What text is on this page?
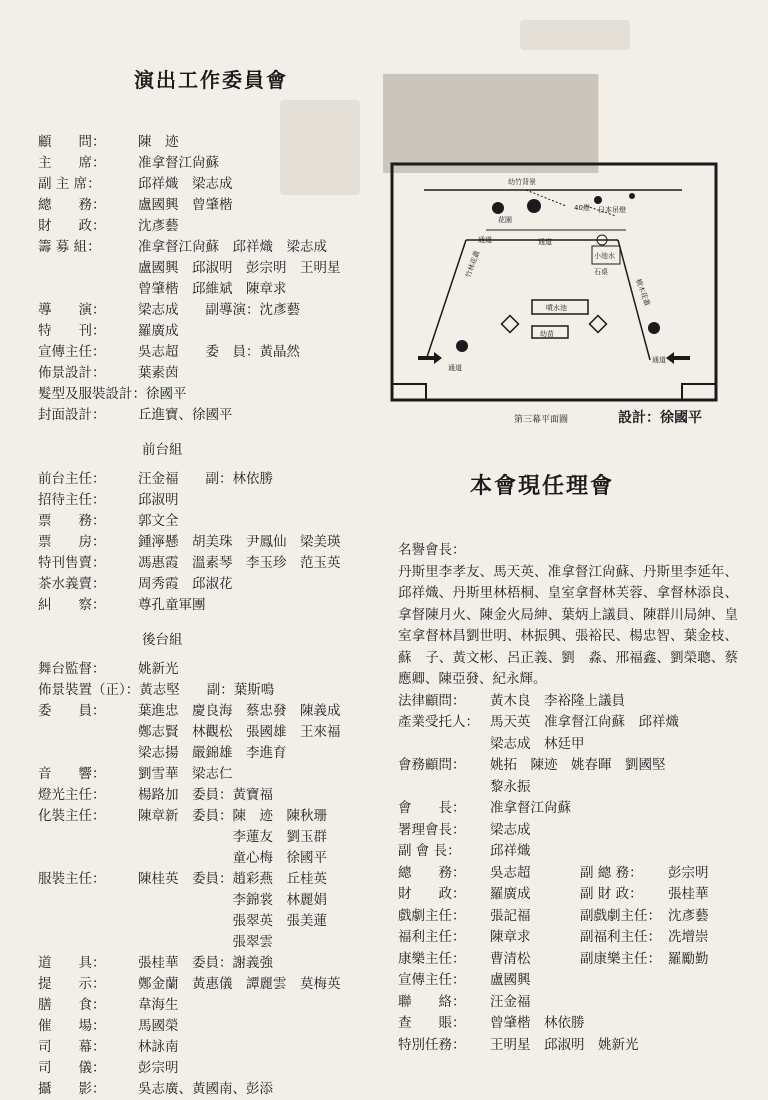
▇▇▇
演出工作委員會
顧　　問：	陳　迹
主　　席：	准拿督江尙蘇
副 主 席：	邱祥熾　梁志成
總　　務：	盧國興　曾肇楷
財　　政：	沈彥藝
籌 募 組：	准拿督江尙蘇　邱祥熾　梁志成
盧國興　邱淑明　彭宗明　王明星
曾肇楷　邱維斌　陳章求
導　　演：	梁志成　　副導演：沈彥藝
特　　刊：	羅廣成
宣傳主任：	吳志超　　委　員：黃晶然
佈景設計：	葉素茵
髮型及服裝設計： 徐國平
封面設計：	丘進寶、徐國平
前台組
前台主任：	汪金福　　副：林依勝
招待主任：	邱淑明
票　　務：	郭文全
票　　房：	鍾濘懸　胡美珠　尹鳳仙　梁美瑛
特刊售賣：	馮惠霞　溫素琴　李玉珍　范玉英
茶水義賣：	周秀霞　邱淑花
糾　　察：	尊孔童軍團
後台組
舞台監督：	姚新光
佈景裝置（正）： 黃志堅　　副：葉斯鳴
委　　員：	葉進忠　慶良海　蔡忠發　陳義成
鄭志賢　林觀松　張國雄　王來福
梁志揚　嚴錦雄　李進育
音　　響：	劉雪華　梁志仁
燈光主任：	楊路加　委員：黃寶福
化裝主任：	陳章新　委員：陳　迹　陳秋珊
　　　　　　　李蓮友　劉玉群
　　　　　　　童心梅　徐國平
服裝主任：	陳桂英　委員：趙彩燕　丘桂英
　　　　　　　李錦裳　林麗娟
　　　　　　　張翠英　張美蓮
　　　　　　　張翠雲
道　　具：	張桂華　委員：謝義強
提　　示：	鄭金蘭　黃惠儀　譚麗雲　莫梅英
膳　　食：	韋海生
催　　場：	馬國榮
司　　幕：	林詠南
司　　儀：	彭宗明
攝　　影：	吳志廣、黃國南、彭添
幼竹背景
花園
通道
40燈 日本吊燈
小池水
石桌
噴水池
幼苗
通道
通道
通道
樹木花叢
竹林花叢
第三幕平面圖	設計：徐國平
本會現任理會
名譽會長：
丹斯里李孝友、馬天英、准拿督江尙蘇、丹斯里李延年、邱祥熾、丹斯里林梧桐、皇室拿督林芙蓉、拿督林添良、拿督陳月火、陳金火局紳、葉炳上議員、陳群川局紳、皇室拿督林昌劉世明、林振興、張裕民、楊忠智、葉金枝、蘇　子、黃文彬、呂正義、劉　淼、邢福鑫、劉榮聰、蔡應卿、陳亞發、紀永輝。
法律顧問：	黃木良　李裕隆上議員
產業受托人： 馬天英　准拿督江尙蘇　邱祥熾
梁志成　林廷甲
會務顧問：	姚拓　陳迹　姚春暉　劉國堅
黎永振
會　　長：	准拿督江尙蘇
署理會長：	梁志成
副 會 長：	邱祥熾
總　　務： 吳志超	副 總 務： 彭宗明
財　　政： 羅廣成	副 財 政： 張桂華
戲劇主任： 張記福	副戲劇主任： 沈彥藝
福利主任： 陳章求	副福利主任： 冼增崇
康樂主任： 曹清松	副康樂主任： 羅勵勤
宣傳主任： 盧國興
聯　　絡： 汪金福
查　　賬： 曾肇楷　林依勝
特別任務： 王明星　邱淑明　姚新光
